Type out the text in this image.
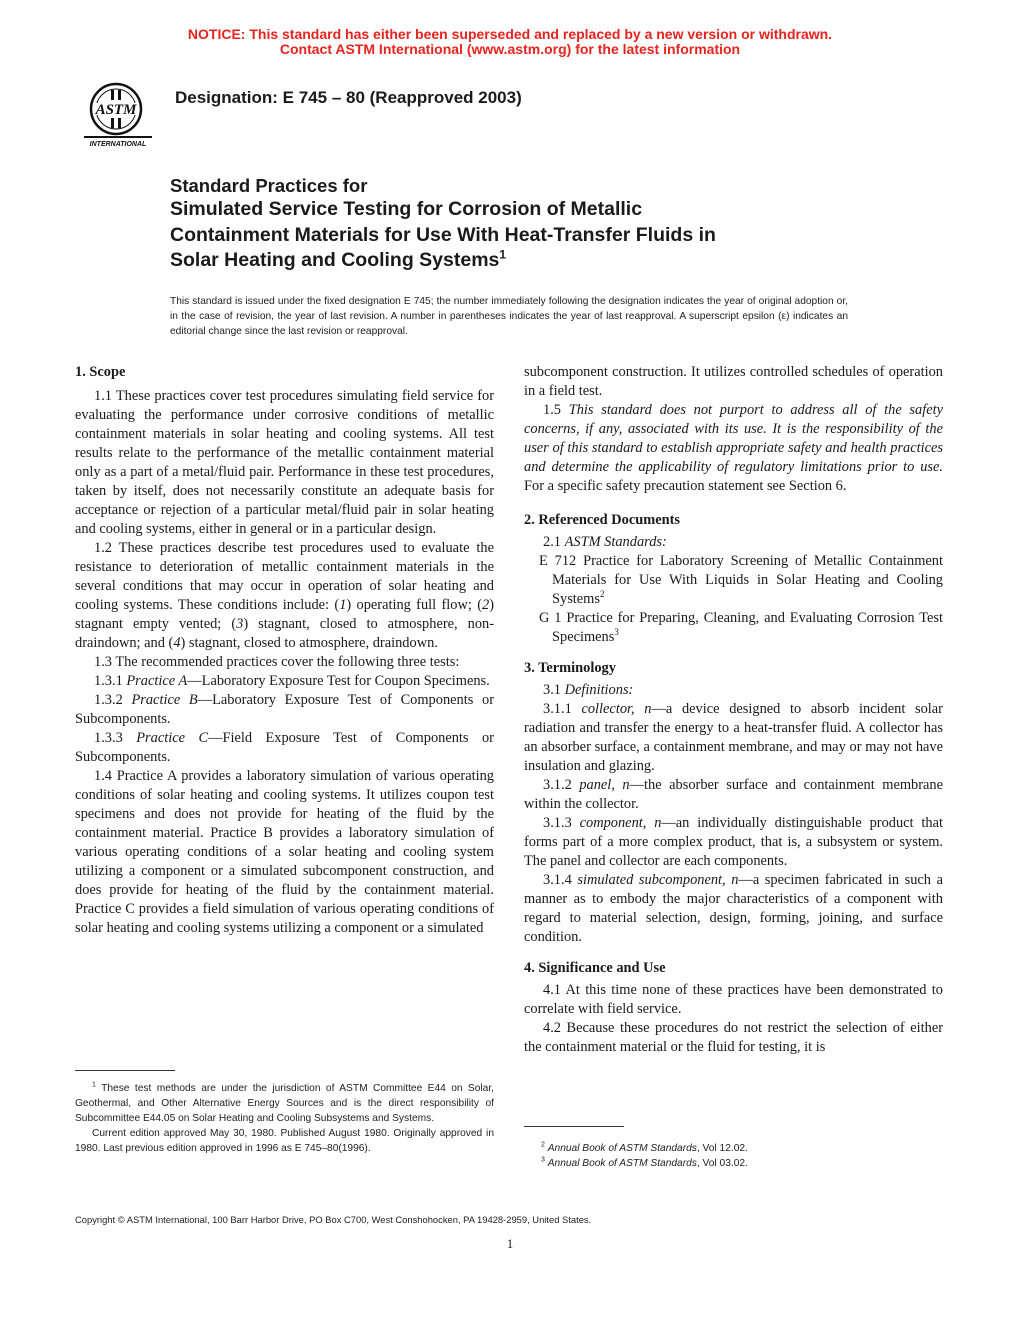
NOTICE: This standard has either been superseded and replaced by a new version or withdrawn.
Contact ASTM International (www.astm.org) for the latest information
ASTM
INTERNATIONAL
Designation: E 745 – 80 (Reapproved 2003)
Standard Practices for
Simulated Service Testing for Corrosion of Metallic
Containment Materials for Use With Heat-Transfer Fluids in
Solar Heating and Cooling Systems$^1$
This standard is issued under the fixed designation E 745; the number immediately following the designation indicates the year of original adoption or, in the case of revision, the year of last revision. A number in parentheses indicates the year of last reapproval. A superscript epsilon (ε) indicates an editorial change since the last revision or reapproval.
1. Scope

1.1 These practices cover test procedures simulating field service for evaluating the performance under corrosive conditions of metallic containment materials in solar heating and cooling systems. All test results relate to the performance of the metallic containment material only as a part of a metal/fluid pair. Performance in these test procedures, taken by itself, does not necessarily constitute an adequate basis for acceptance or rejection of a particular metal/fluid pair in solar heating and cooling systems, either in general or in a particular design.

1.2 These practices describe test procedures used to evaluate the resistance to deterioration of metallic containment materials in the several conditions that may occur in operation of solar heating and cooling systems. These conditions include: (1) operating full flow; (2) stagnant empty vented; (3) stagnant, closed to atmosphere, non-draindown; and (4) stagnant, closed to atmosphere, draindown.

1.3 The recommended practices cover the following three tests:

1.3.1 Practice A—Laboratory Exposure Test for Coupon Specimens.

1.3.2 Practice B—Laboratory Exposure Test of Components or Subcomponents.

1.3.3 Practice C—Field Exposure Test of Components or Subcomponents.

1.4 Practice A provides a laboratory simulation of various operating conditions of solar heating and cooling systems. It utilizes coupon test specimens and does not provide for heating of the fluid by the containment material. Practice B provides a laboratory simulation of various operating conditions of a solar heating and cooling system utilizing a component or a simulated subcomponent construction, and does provide for heating of the fluid by the containment material. Practice C provides a field simulation of various operating conditions of solar heating and cooling systems utilizing a component or a simulated

subcomponent construction. It utilizes controlled schedules of operation in a field test.

1.5 This standard does not purport to address all of the safety concerns, if any, associated with its use. It is the responsibility of the user of this standard to establish appropriate safety and health practices and determine the applicability of regulatory limitations prior to use. For a specific safety precaution statement see Section 6.

2. Referenced Documents

2.1 ASTM Standards:

E 712 Practice for Laboratory Screening of Metallic Containment Materials for Use With Liquids in Solar Heating and Cooling Systems$^2$

G 1 Practice for Preparing, Cleaning, and Evaluating Corrosion Test Specimens$^3$

3. Terminology

3.1 Definitions:

3.1.1 collector, n—a device designed to absorb incident solar radiation and transfer the energy to a heat-transfer fluid. A collector has an absorber surface, a containment membrane, and may or may not have insulation and glazing.

3.1.2 panel, n—the absorber surface and containment membrane within the collector.

3.1.3 component, n—an individually distinguishable product that forms part of a more complex product, that is, a subsystem or system. The panel and collector are each components.

3.1.4 simulated subcomponent, n—a specimen fabricated in such a manner as to embody the major characteristics of a component with regard to material selection, design, forming, joining, and surface condition.

4. Significance and Use

4.1 At this time none of these practices have been demonstrated to correlate with field service.

4.2 Because these procedures do not restrict the selection of either the containment material or the fluid for testing, it is

$^1$ These test methods are under the jurisdiction of ASTM Committee E44 on Solar, Geothermal, and Other Alternative Energy Sources and is the direct responsibility of Subcommittee E44.05 on Solar Heating and Cooling Subsystems and Systems.

Current edition approved May 30, 1980. Published August 1980. Originally approved in 1980. Last previous edition approved in 1996 as E 745–80(1996).	$^2$ Annual Book of ASTM Standards, Vol 12.02.

$^3$ Annual Book of ASTM Standards, Vol 03.02.

Copyright © ASTM International, 100 Barr Harbor Drive, PO Box C700, West Conshohocken, PA 19428-2959, United States.
1
